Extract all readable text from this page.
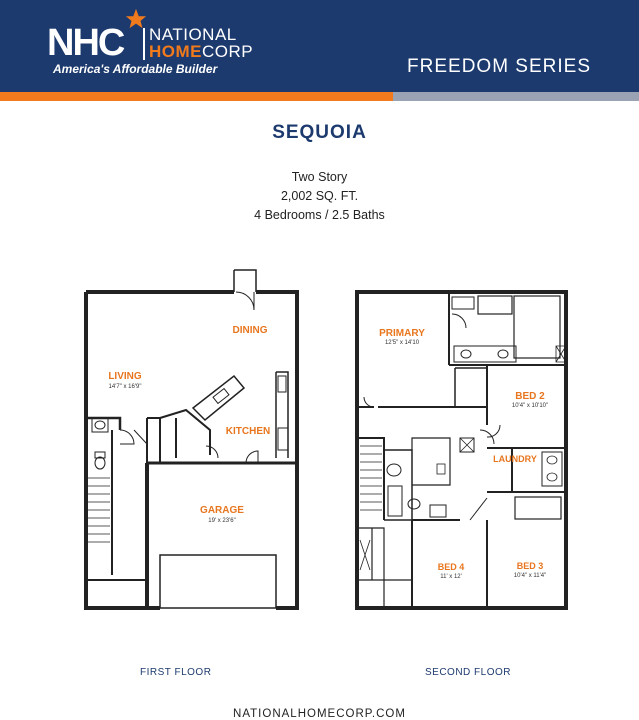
NHC NATIONAL
HOMECORP
America's Affordable Builder	FREEDOM SERIES
SEQUOIA
Two Story
2,002 SQ. FT.
4 Bedrooms / 2.5 Baths
DINING
LIVING
14'7" x 16'9"
KITCHEN
GARAGE
19' x 23'6"
PRIMARY
12'5" x 14'10
BED 2
10'4" x 10'10"
LAUNDRY
BED 4
11' x 12'
BED 3
10'4" x 11'4"
FIRST FLOOR	SECOND FLOOR
NATIONALHOMECORP.COM
